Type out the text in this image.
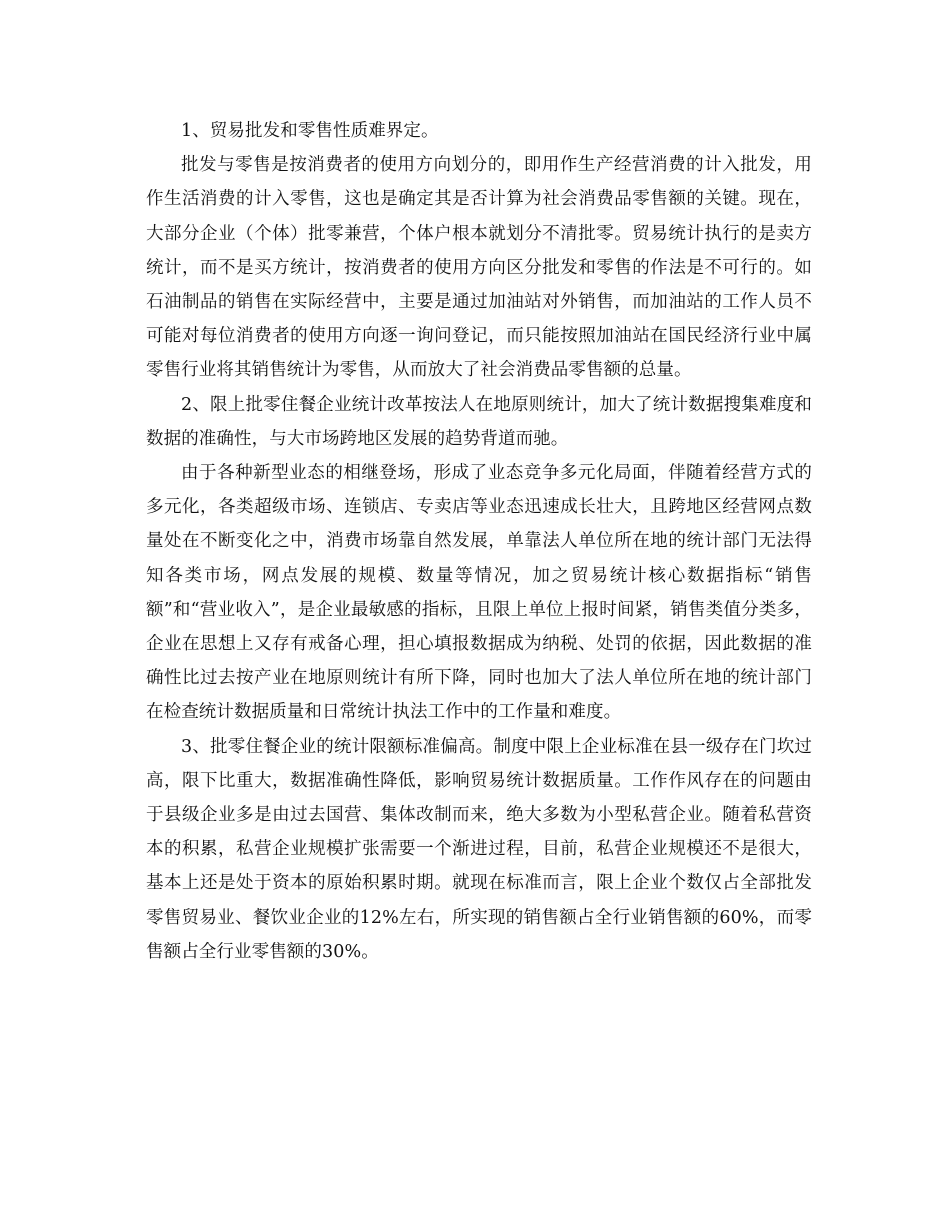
1、贸易批发和零售性质难界定。

批发与零售是按消费者的使用方向划分的，即用作生产经营消费的计入批发，用作生活消费的计入零售，这也是确定其是否计算为社会消费品零售额的关键。现在，大部分企业（个体）批零兼营，个体户根本就划分不清批零。贸易统计执行的是卖方统计，而不是买方统计，按消费者的使用方向区分批发和零售的作法是不可行的。如石油制品的销售在实际经营中，主要是通过加油站对外销售，而加油站的工作人员不可能对每位消费者的使用方向逐一询问登记，而只能按照加油站在国民经济行业中属零售行业将其销售统计为零售，从而放大了社会消费品零售额的总量。

2、限上批零住餐企业统计改革按法人在地原则统计，加大了统计数据搜集难度和数据的准确性，与大市场跨地区发展的趋势背道而驰。

由于各种新型业态的相继登场，形成了业态竞争多元化局面，伴随着经营方式的多元化，各类超级市场、连锁店、专卖店等业态迅速成长壮大，且跨地区经营网点数量处在不断变化之中，消费市场靠自然发展，单靠法人单位所在地的统计部门无法得知各类市场，网点发展的规模、数量等情况，加之贸易统计核心数据指标“销售额”和“营业收入”，是企业最敏感的指标，且限上单位上报时间紧，销售类值分类多，企业在思想上又存有戒备心理，担心填报数据成为纳税、处罚的依据，因此数据的准确性比过去按产业在地原则统计有所下降，同时也加大了法人单位所在地的统计部门在检查统计数据质量和日常统计执法工作中的工作量和难度。

3、批零住餐企业的统计限额标准偏高。制度中限上企业标准在县一级存在门坎过高，限下比重大，数据准确性降低，影响贸易统计数据质量。工作作风存在的问题由于县级企业多是由过去国营、集体改制而来，绝大多数为小型私营企业。随着私营资本的积累，私营企业规模扩张需要一个渐进过程，目前，私营企业规模还不是很大，基本上还是处于资本的原始积累时期。就现在标准而言，限上企业个数仅占全部批发零售贸易业、餐饮业企业的12%左右，所实现的销售额占全行业销售额的60%，而零售额占全行业零售额的30%。
